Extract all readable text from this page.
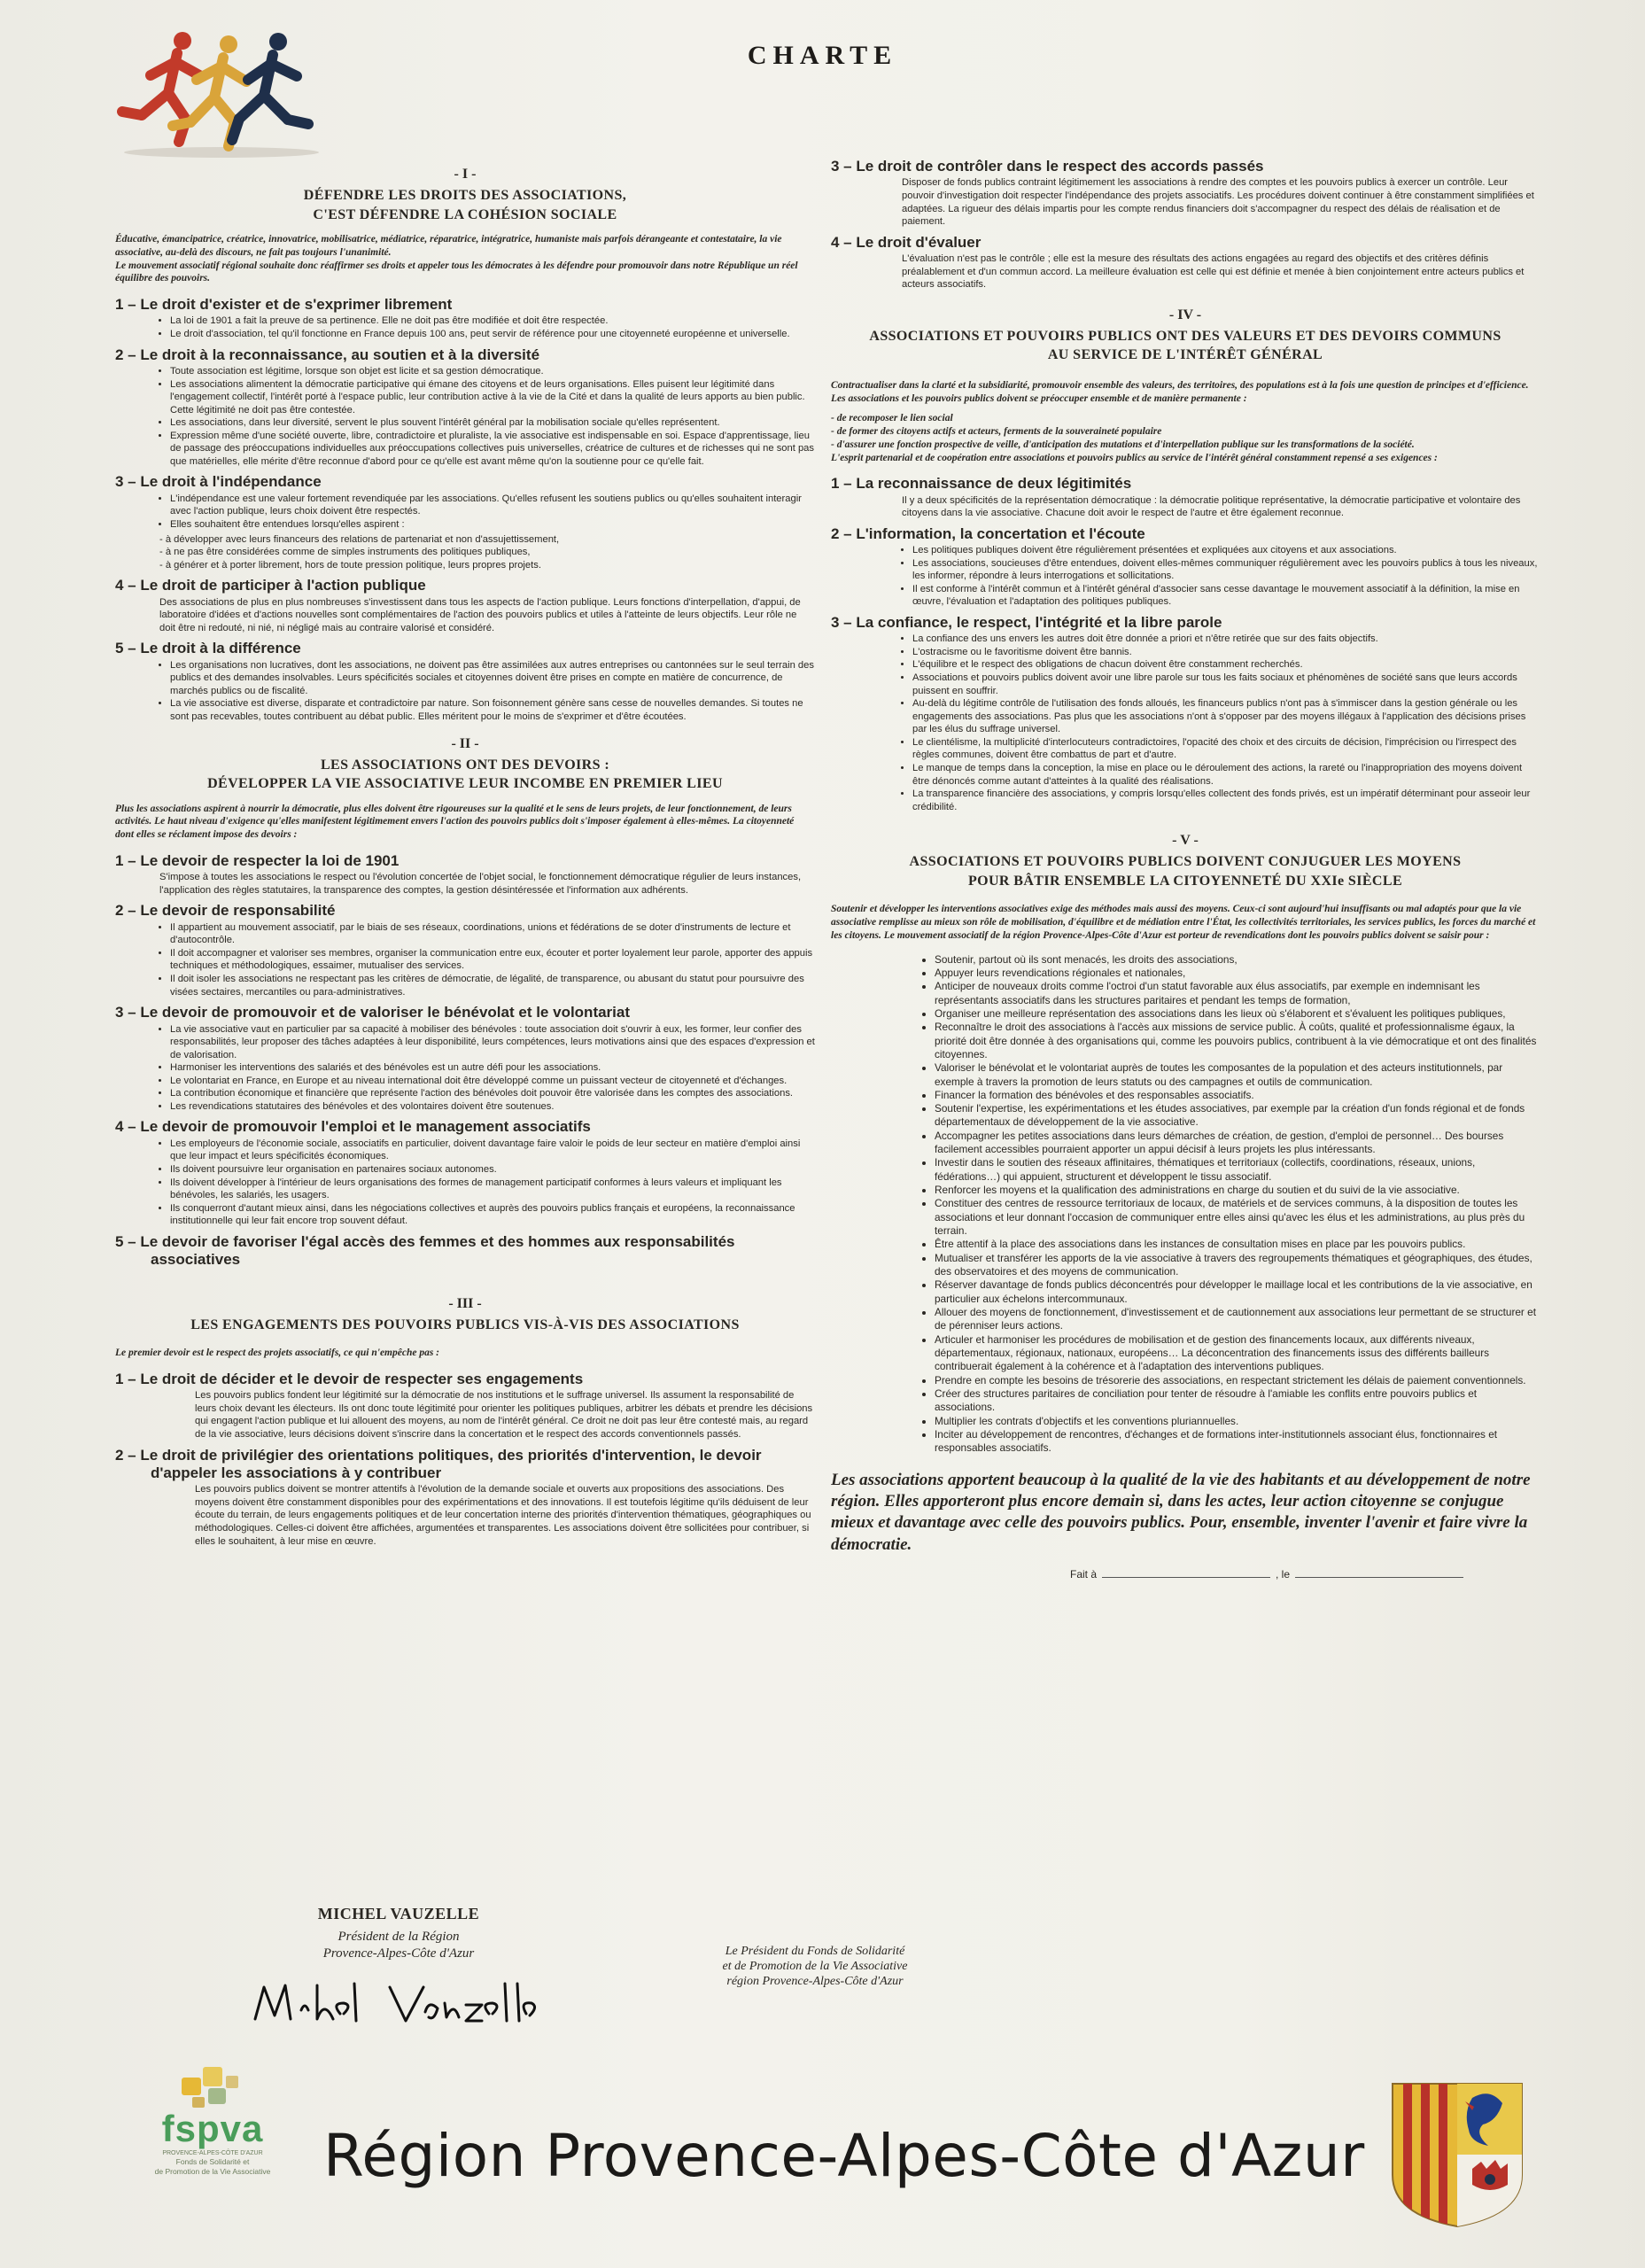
CHARTE
- I -
DÉFENDRE LES DROITS DES ASSOCIATIONS,
C'EST DÉFENDRE LA COHÉSION SOCIALE

Éducative, émancipatrice, créatrice, innovatrice, mobilisatrice, médiatrice, réparatrice, intégratrice, humaniste mais parfois dérangeante et contestataire, la vie associative, au-delà des discours, ne fait pas toujours l'unanimité.

Le mouvement associatif régional souhaite donc réaffirmer ses droits et appeler tous les démocrates à les défendre pour promouvoir dans notre République un réel équilibre des pouvoirs.

1 – Le droit d'exister et de s'exprimer librement
• La loi de 1901 a fait la preuve de sa pertinence. Elle ne doit pas être modifiée et doit être respectée.
• Le droit d'association, tel qu'il fonctionne en France depuis 100 ans, peut servir de référence pour une citoyenneté européenne et universelle.
2 – Le droit à la reconnaissance, au soutien et à la diversité
• Toute association est légitime, lorsque son objet est licite et sa gestion démocratique.
• Les associations alimentent la démocratie participative qui émane des citoyens et de leurs organisations. Elles puisent leur légitimité dans l'engagement collectif, l'intérêt porté à l'espace public, leur contribution active à la vie de la Cité et dans la qualité de leurs apports au bien public. Cette légitimité ne doit pas être contestée.
• Les associations, dans leur diversité, servent le plus souvent l'intérêt général par la mobilisation sociale qu'elles représentent.
• Expression même d'une société ouverte, libre, contradictoire et pluraliste, la vie associative est indispensable en soi. Espace d'apprentissage, lieu de passage des préoccupations individuelles aux préoccupations collectives puis universelles, créatrice de cultures et de richesses qui ne sont pas que matérielles, elle mérite d'être reconnue d'abord pour ce qu'elle est avant même qu'on la soutienne pour ce qu'elle fait.
3 – Le droit à l'indépendance
• L'indépendance est une valeur fortement revendiquée par les associations. Qu'elles refusent les soutiens publics ou qu'elles souhaitent interagir avec l'action publique, leurs choix doivent être respectés.
• Elles souhaitent être entendues lorsqu'elles aspirent :
- à développer avec leurs financeurs des relations de partenariat et non d'assujettissement,
- à ne pas être considérées comme de simples instruments des politiques publiques,
- à générer et à porter librement, hors de toute pression politique, leurs propres projets.
4 – Le droit de participer à l'action publique
Des associations de plus en plus nombreuses s'investissent dans tous les aspects de l'action publique. Leurs fonctions d'interpellation, d'appui, de laboratoire d'idées et d'actions nouvelles sont complémentaires de l'action des pouvoirs publics et utiles à l'atteinte de leurs objectifs. Leur rôle ne doit être ni redouté, ni nié, ni négligé mais au contraire valorisé et considéré.
5 – Le droit à la différence
• Les organisations non lucratives, dont les associations, ne doivent pas être assimilées aux autres entreprises ou cantonnées sur le seul terrain des publics et des demandes insolvables. Leurs spécificités sociales et citoyennes doivent être prises en compte en matière de concurrence, de marchés publics ou de fiscalité.
• La vie associative est diverse, disparate et contradictoire par nature. Son foisonnement génère sans cesse de nouvelles demandes. Si toutes ne sont pas recevables, toutes contribuent au débat public. Elles méritent pour le moins de s'exprimer et d'être écoutées.
- II -
LES ASSOCIATIONS ONT DES DEVOIRS :
DÉVELOPPER LA VIE ASSOCIATIVE LEUR INCOMBE EN PREMIER LIEU

Plus les associations aspirent à nourrir la démocratie, plus elles doivent être rigoureuses sur la qualité et le sens de leurs projets, de leur fonctionnement, de leurs activités. Le haut niveau d'exigence qu'elles manifestent légitimement envers l'action des pouvoirs publics doit s'imposer également à elles-mêmes. La citoyenneté dont elles se réclament impose des devoirs :

1 – Le devoir de respecter la loi de 1901
S'impose à toutes les associations le respect ou l'évolution concertée de l'objet social, le fonctionnement démocratique régulier de leurs instances, l'application des règles statutaires, la transparence des comptes, la gestion désintéressée et l'information aux adhérents.
2 – Le devoir de responsabilité
• Il appartient au mouvement associatif, par le biais de ses réseaux, coordinations, unions et fédérations de se doter d'instruments de lecture et d'autocontrôle.
• Il doit accompagner et valoriser ses membres, organiser la communication entre eux, écouter et porter loyalement leur parole, apporter des appuis techniques et méthodologiques, essaimer, mutualiser des services.
• Il doit isoler les associations ne respectant pas les critères de démocratie, de légalité, de transparence, ou abusant du statut pour poursuivre des visées sectaires, mercantiles ou para-administratives.
3 – Le devoir de promouvoir et de valoriser le bénévolat et le volontariat
• La vie associative vaut en particulier par sa capacité à mobiliser des bénévoles : toute association doit s'ouvrir à eux, les former, leur confier des responsabilités, leur proposer des tâches adaptées à leur disponibilité, leurs compétences, leurs motivations ainsi que des espaces d'expression et de valorisation.
• Harmoniser les interventions des salariés et des bénévoles est un autre défi pour les associations.
• Le volontariat en France, en Europe et au niveau international doit être développé comme un puissant vecteur de citoyenneté et d'échanges.
• La contribution économique et financière que représente l'action des bénévoles doit pouvoir être valorisée dans les comptes des associations.
• Les revendications statutaires des bénévoles et des volontaires doivent être soutenues.
4 – Le devoir de promouvoir l'emploi et le management associatifs
• Les employeurs de l'économie sociale, associatifs en particulier, doivent davantage faire valoir le poids de leur secteur en matière d'emploi ainsi que leur impact et leurs spécificités économiques.
• Ils doivent poursuivre leur organisation en partenaires sociaux autonomes.
• Ils doivent développer à l'intérieur de leurs organisations des formes de management participatif conformes à leurs valeurs et impliquant les bénévoles, les salariés, les usagers.
• Ils conquerront d'autant mieux ainsi, dans les négociations collectives et auprès des pouvoirs publics français et européens, la reconnaissance institutionnelle qui leur fait encore trop souvent défaut.
5 – Le devoir de favoriser l'égal accès des femmes et des hommes aux responsabilités associatives
- III -
LES ENGAGEMENTS DES POUVOIRS PUBLICS VIS-À-VIS DES ASSOCIATIONS

Le premier devoir est le respect des projets associatifs, ce qui n'empêche pas :

1 – Le droit de décider et le devoir de respecter ses engagements
Les pouvoirs publics fondent leur légitimité sur la démocratie de nos institutions et le suffrage universel. Ils assument la responsabilité de leurs choix devant les électeurs. Ils ont donc toute légitimité pour orienter les politiques publiques, arbitrer les débats et prendre les décisions qui engagent l'action publique et lui allouent des moyens, au nom de l'intérêt général. Ce droit ne doit pas leur être contesté mais, au regard de la vie associative, leurs décisions doivent s'inscrire dans la concertation et le respect des accords conventionnels passés.
2 – Le droit de privilégier des orientations politiques, des priorités d'intervention, le devoir d'appeler les associations à y contribuer
Les pouvoirs publics doivent se montrer attentifs à l'évolution de la demande sociale et ouverts aux propositions des associations. Des moyens doivent être constamment disponibles pour des expérimentations et des innovations. Il est toutefois légitime qu'ils déduisent de leur écoute du terrain, de leurs engagements politiques et de leur concertation interne des priorités d'intervention thématiques, géographiques ou méthodologiques. Celles-ci doivent être affichées, argumentées et transparentes. Les associations doivent être sollicitées pour contribuer, si elles le souhaitent, à leur mise en œuvre.
3 – Le droit de contrôler dans le respect des accords passés
Disposer de fonds publics contraint légitimement les associations à rendre des comptes et les pouvoirs publics à exercer un contrôle. Leur pouvoir d'investigation doit respecter l'indépendance des projets associatifs. Les procédures doivent continuer à être constamment simplifiées et adaptées. La rigueur des délais impartis pour les compte rendus financiers doit s'accompagner du respect des délais de réalisation et de paiement.
4 – Le droit d'évaluer
L'évaluation n'est pas le contrôle ; elle est la mesure des résultats des actions engagées au regard des objectifs et des critères définis préalablement et d'un commun accord. La meilleure évaluation est celle qui est définie et menée à bien conjointement entre acteurs publics et acteurs associatifs.
- IV -
ASSOCIATIONS ET POUVOIRS PUBLICS ONT DES VALEURS ET DES DEVOIRS COMMUNS
AU SERVICE DE L'INTÉRÊT GÉNÉRAL

Contractualiser dans la clarté et la subsidiarité, promouvoir ensemble des valeurs, des territoires, des populations est à la fois une question de principes et d'efficience. Les associations et les pouvoirs publics doivent se préoccuper ensemble et de manière permanente :

- de recomposer le lien social

- de former des citoyens actifs et acteurs, ferments de la souveraineté populaire

- d'assurer une fonction prospective de veille, d'anticipation des mutations et d'interpellation publique sur les transformations de la société.

L'esprit partenarial et de coopération entre associations et pouvoirs publics au service de l'intérêt général constamment repensé a ses exigences :

1 – La reconnaissance de deux légitimités
Il y a deux spécificités de la représentation démocratique : la démocratie politique représentative, la démocratie participative et volontaire des citoyens dans la vie associative. Chacune doit avoir le respect de l'autre et être également reconnue.
2 – L'information, la concertation et l'écoute
• Les politiques publiques doivent être régulièrement présentées et expliquées aux citoyens et aux associations.
• Les associations, soucieuses d'être entendues, doivent elles-mêmes communiquer régulièrement avec les pouvoirs publics à tous les niveaux, les informer, répondre à leurs interrogations et sollicitations.
• Il est conforme à l'intérêt commun et à l'intérêt général d'associer sans cesse davantage le mouvement associatif à la définition, la mise en œuvre, l'évaluation et l'adaptation des politiques publiques.
3 – La confiance, le respect, l'intégrité et la libre parole
• La confiance des uns envers les autres doit être donnée a priori et n'être retirée que sur des faits objectifs.
• L'ostracisme ou le favoritisme doivent être bannis.
• L'équilibre et le respect des obligations de chacun doivent être constamment recherchés.
• Associations et pouvoirs publics doivent avoir une libre parole sur tous les faits sociaux et phénomènes de société sans que leurs accords puissent en souffrir.
• Au-delà du légitime contrôle de l'utilisation des fonds alloués, les financeurs publics n'ont pas à s'immiscer dans la gestion générale ou les engagements des associations. Pas plus que les associations n'ont à s'opposer par des moyens illégaux à l'application des décisions prises par les élus du suffrage universel.
• Le clientélisme, la multiplicité d'interlocuteurs contradictoires, l'opacité des choix et des circuits de décision, l'imprécision ou l'irrespect des règles communes, doivent être combattus de part et d'autre.
• Le manque de temps dans la conception, la mise en place ou le déroulement des actions, la rareté ou l'inappropriation des moyens doivent être dénoncés comme autant d'atteintes à la qualité des réalisations.
• La transparence financière des associations, y compris lorsqu'elles collectent des fonds privés, est un impératif déterminant pour asseoir leur crédibilité.
- V -
ASSOCIATIONS ET POUVOIRS PUBLICS DOIVENT CONJUGUER LES MOYENS
POUR BÂTIR ENSEMBLE LA CITOYENNETÉ DU XXIe SIÈCLE

Soutenir et développer les interventions associatives exige des méthodes mais aussi des moyens. Ceux-ci sont aujourd'hui insuffisants ou mal adaptés pour que la vie associative remplisse au mieux son rôle de mobilisation, d'équilibre et de médiation entre l'État, les collectivités territoriales, les services publics, les forces du marché et les citoyens. Le mouvement associatif de la région Provence-Alpes-Côte d'Azur est porteur de revendications dont les pouvoirs publics doivent se saisir pour :

• Soutenir, partout où ils sont menacés, les droits des associations,
• Appuyer leurs revendications régionales et nationales,
• Anticiper de nouveaux droits comme l'octroi d'un statut favorable aux élus associatifs, par exemple en indemnisant les représentants associatifs dans les structures paritaires et pendant les temps de formation,
• Organiser une meilleure représentation des associations dans les lieux où s'élaborent et s'évaluent les politiques publiques,
• Reconnaître le droit des associations à l'accès aux missions de service public. À coûts, qualité et professionnalisme égaux, la priorité doit être donnée à des organisations qui, comme les pouvoirs publics, contribuent à la vie démocratique et ont des finalités citoyennes.
• Valoriser le bénévolat et le volontariat auprès de toutes les composantes de la population et des acteurs institutionnels, par exemple à travers la promotion de leurs statuts ou des campagnes et outils de communication.
• Financer la formation des bénévoles et des responsables associatifs.
• Soutenir l'expertise, les expérimentations et les études associatives, par exemple par la création d'un fonds régional et de fonds départementaux de développement de la vie associative.
• Accompagner les petites associations dans leurs démarches de création, de gestion, d'emploi de personnel… Des bourses facilement accessibles pourraient apporter un appui décisif à leurs projets les plus intéressants.
• Investir dans le soutien des réseaux affinitaires, thématiques et territoriaux (collectifs, coordinations, réseaux, unions, fédérations…) qui appuient, structurent et développent le tissu associatif.
• Renforcer les moyens et la qualification des administrations en charge du soutien et du suivi de la vie associative.
• Constituer des centres de ressource territoriaux de locaux, de matériels et de services communs, à la disposition de toutes les associations et leur donnant l'occasion de communiquer entre elles ainsi qu'avec les élus et les administrations, au plus près du terrain.
• Être attentif à la place des associations dans les instances de consultation mises en place par les pouvoirs publics.
• Mutualiser et transférer les apports de la vie associative à travers des regroupements thématiques et géographiques, des études, des observatoires et des moyens de communication.
• Réserver davantage de fonds publics déconcentrés pour développer le maillage local et les contributions de la vie associative, en particulier aux échelons intercommunaux.
• Allouer des moyens de fonctionnement, d'investissement et de cautionnement aux associations leur permettant de se structurer et de pérenniser leurs actions.
• Articuler et harmoniser les procédures de mobilisation et de gestion des financements locaux, aux différents niveaux, départementaux, régionaux, nationaux, européens… La déconcentration des financements issus des différents bailleurs contribuerait également à la cohérence et à l'adaptation des interventions publiques.
• Prendre en compte les besoins de trésorerie des associations, en respectant strictement les délais de paiement conventionnels.
• Créer des structures paritaires de conciliation pour tenter de résoudre à l'amiable les conflits entre pouvoirs publics et associations.
• Multiplier les contrats d'objectifs et les conventions pluriannuelles.
• Inciter au développement de rencontres, d'échanges et de formations inter-institutionnels associant élus, fonctionnaires et responsables associatifs.
Les associations apportent beaucoup à la qualité de la vie des habitants et au développement de notre région. Elles apporteront plus encore demain si, dans les actes, leur action citoyenne se conjugue mieux et davantage avec celle des pouvoirs publics. Pour, ensemble, inventer l'avenir et faire vivre la démocratie.
Fait à	, le
MICHEL VAUZELLE
Président de la Région
Provence-Alpes-Côte d'Azur	Le Président du Fonds de Solidarité
et de Promotion de la Vie Associative
région Provence-Alpes-Côte d'Azur
fspva
PROVENCE-ALPES-CÔTE D'AZUR
Fonds de Solidarité et
de Promotion de la Vie Associative Région Provence-Alpes-Côte d'Azur
